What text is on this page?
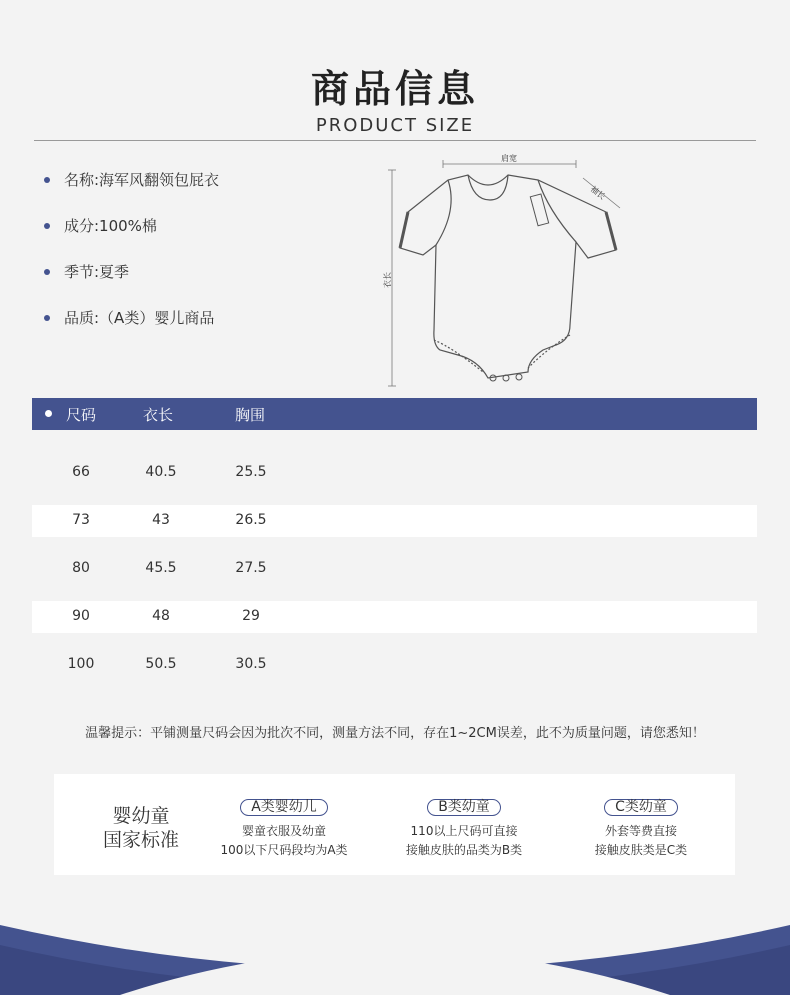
商品信息
PRODUCT SIZE
名称:海军风翻领包屁衣
成分:100%棉
季节:夏季
品质:（A类）婴儿商品
肩宽
袖长
衣长
尺码	衣长	胸围
66	40.5	25.5
73	43	26.5
80	45.5	27.5
90	48	29
100	50.5	30.5
温馨提示：平铺测量尺码会因为批次不同，测量方法不同，存在1~2CM误差，此不为质量问题，请您悉知！
婴幼童
国家标准
A类婴幼儿
婴童衣服及幼童
100以下尺码段均为A类
B类幼童
110以上尺码可直接
接触皮肤的品类为B类
C类幼童
外套等费直接
接触皮肤类是C类
